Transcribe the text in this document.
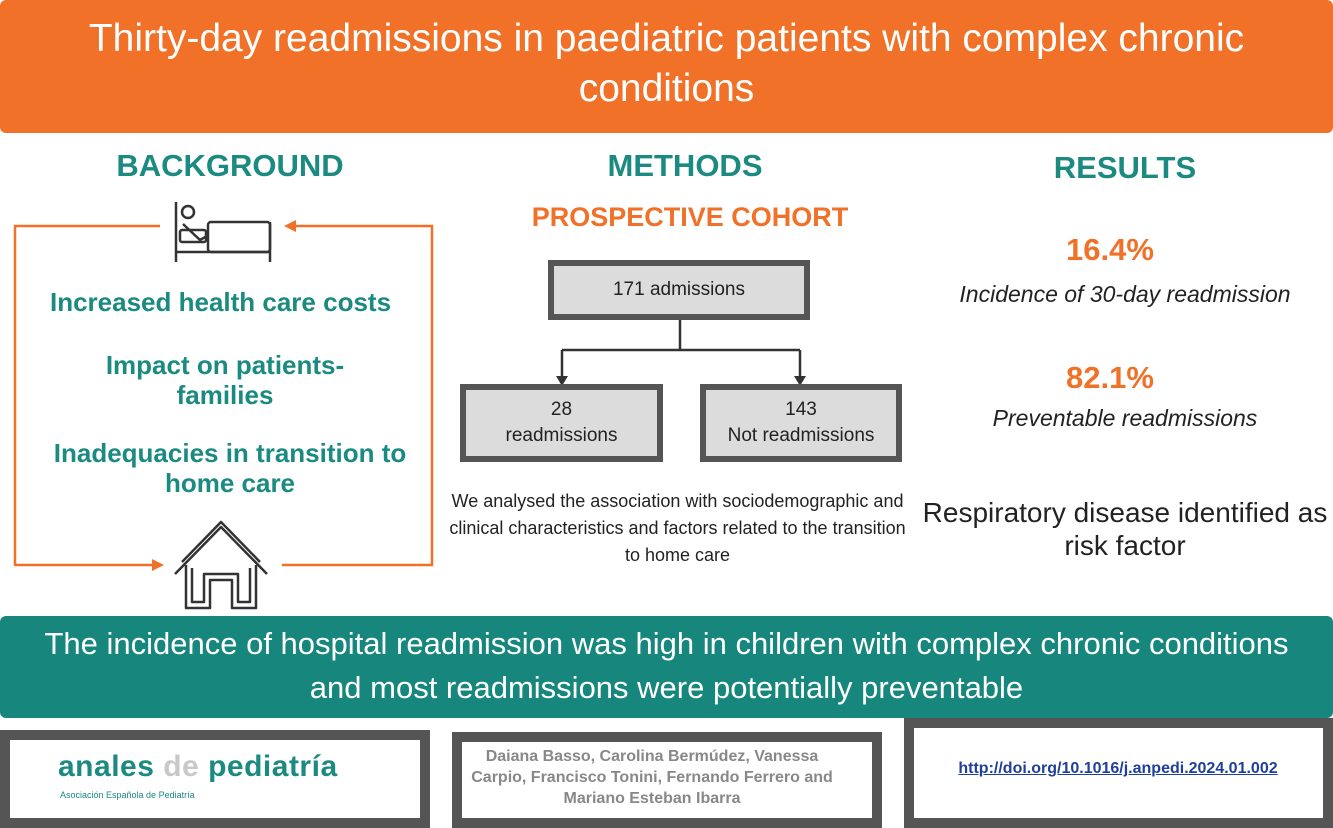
Thirty-day readmissions in paediatric patients with complex chronic conditions
BACKGROUND	METHODS	RESULTS
Increased health care costs
Impact on patients-families
Inadequacies in transition to home care
PROSPECTIVE COHORT
171 admissions
28
readmissions
143
Not readmissions
We analysed the association with sociodemographic and clinical characteristics and factors related to the transition to home care
16.4%
Incidence of 30-day readmission
82.1%
Preventable readmissions
Respiratory disease identified as risk factor
The incidence of hospital readmission was high in children with complex chronic conditions and most readmissions were potentially preventable
anales de pediatría
Asociación Española de Pediatría
Daiana Basso, Carolina Bermúdez, Vanessa Carpio, Francisco Tonini, Fernando Ferrero and Mariano Esteban Ibarra
http://doi.org/10.1016/j.anpedi.2024.01.002
